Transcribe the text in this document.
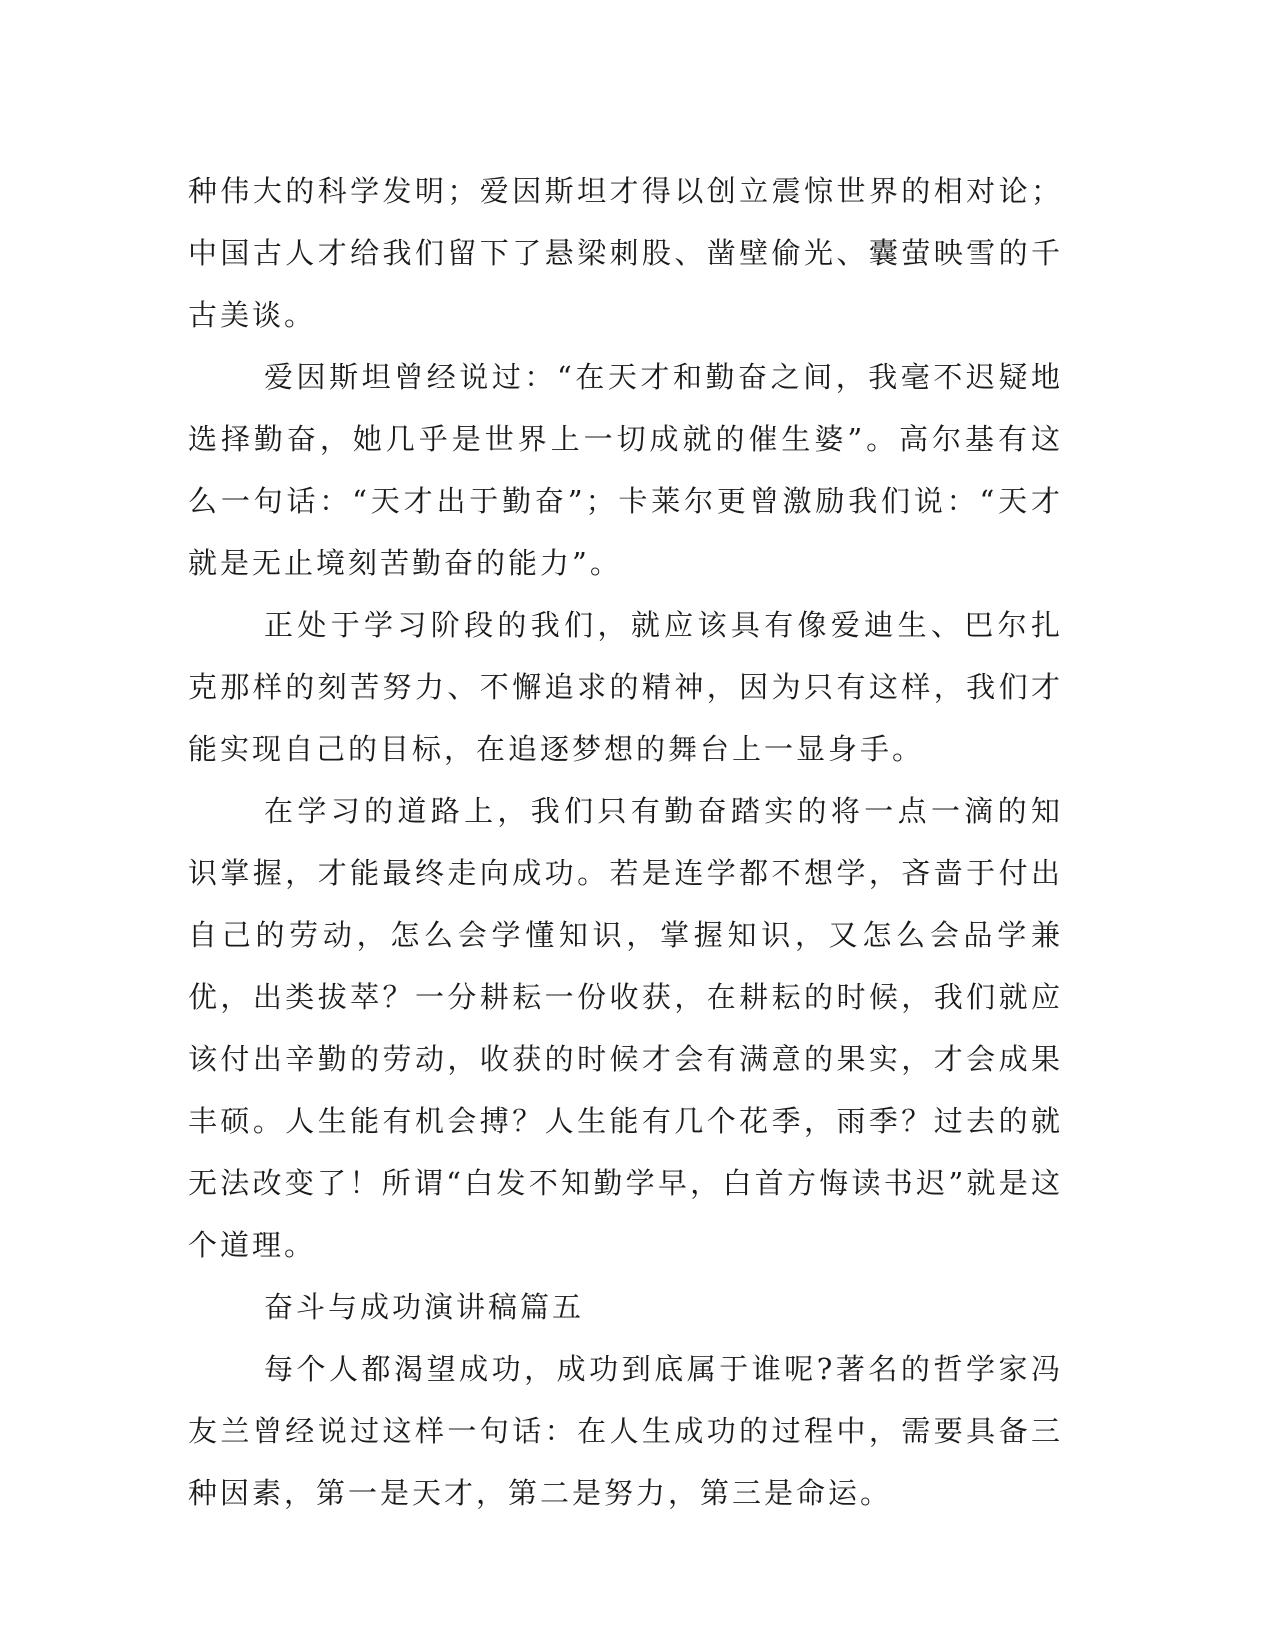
种伟大的科学发明；爱因斯坦才得以创立震惊世界的相对论；中国古人才给我们留下了悬梁刺股、凿壁偷光、囊萤映雪的千古美谈。

爱因斯坦曾经说过：“在天才和勤奋之间，我毫不迟疑地选择勤奋，她几乎是世界上一切成就的催生婆”。高尔基有这么一句话：“天才出于勤奋”；卡莱尔更曾激励我们说：“天才就是无止境刻苦勤奋的能力”。

正处于学习阶段的我们，就应该具有像爱迪生、巴尔扎克那样的刻苦努力、不懈追求的精神，因为只有这样，我们才能实现自己的目标，在追逐梦想的舞台上一显身手。

在学习的道路上，我们只有勤奋踏实的将一点一滴的知识掌握，才能最终走向成功。若是连学都不想学，吝啬于付出自己的劳动，怎么会学懂知识，掌握知识，又怎么会品学兼优，出类拔萃？一分耕耘一份收获，在耕耘的时候，我们就应该付出辛勤的劳动，收获的时候才会有满意的果实，才会成果丰硕。人生能有机会搏？人生能有几个花季，雨季？过去的就无法改变了！所谓“白发不知勤学早，白首方悔读书迟”就是这个道理。

奋斗与成功演讲稿篇五

每个人都渴望成功，成功到底属于谁呢?著名的哲学家冯友兰曾经说过这样一句话：在人生成功的过程中，需要具备三种因素，第一是天才，第二是努力，第三是命运。
